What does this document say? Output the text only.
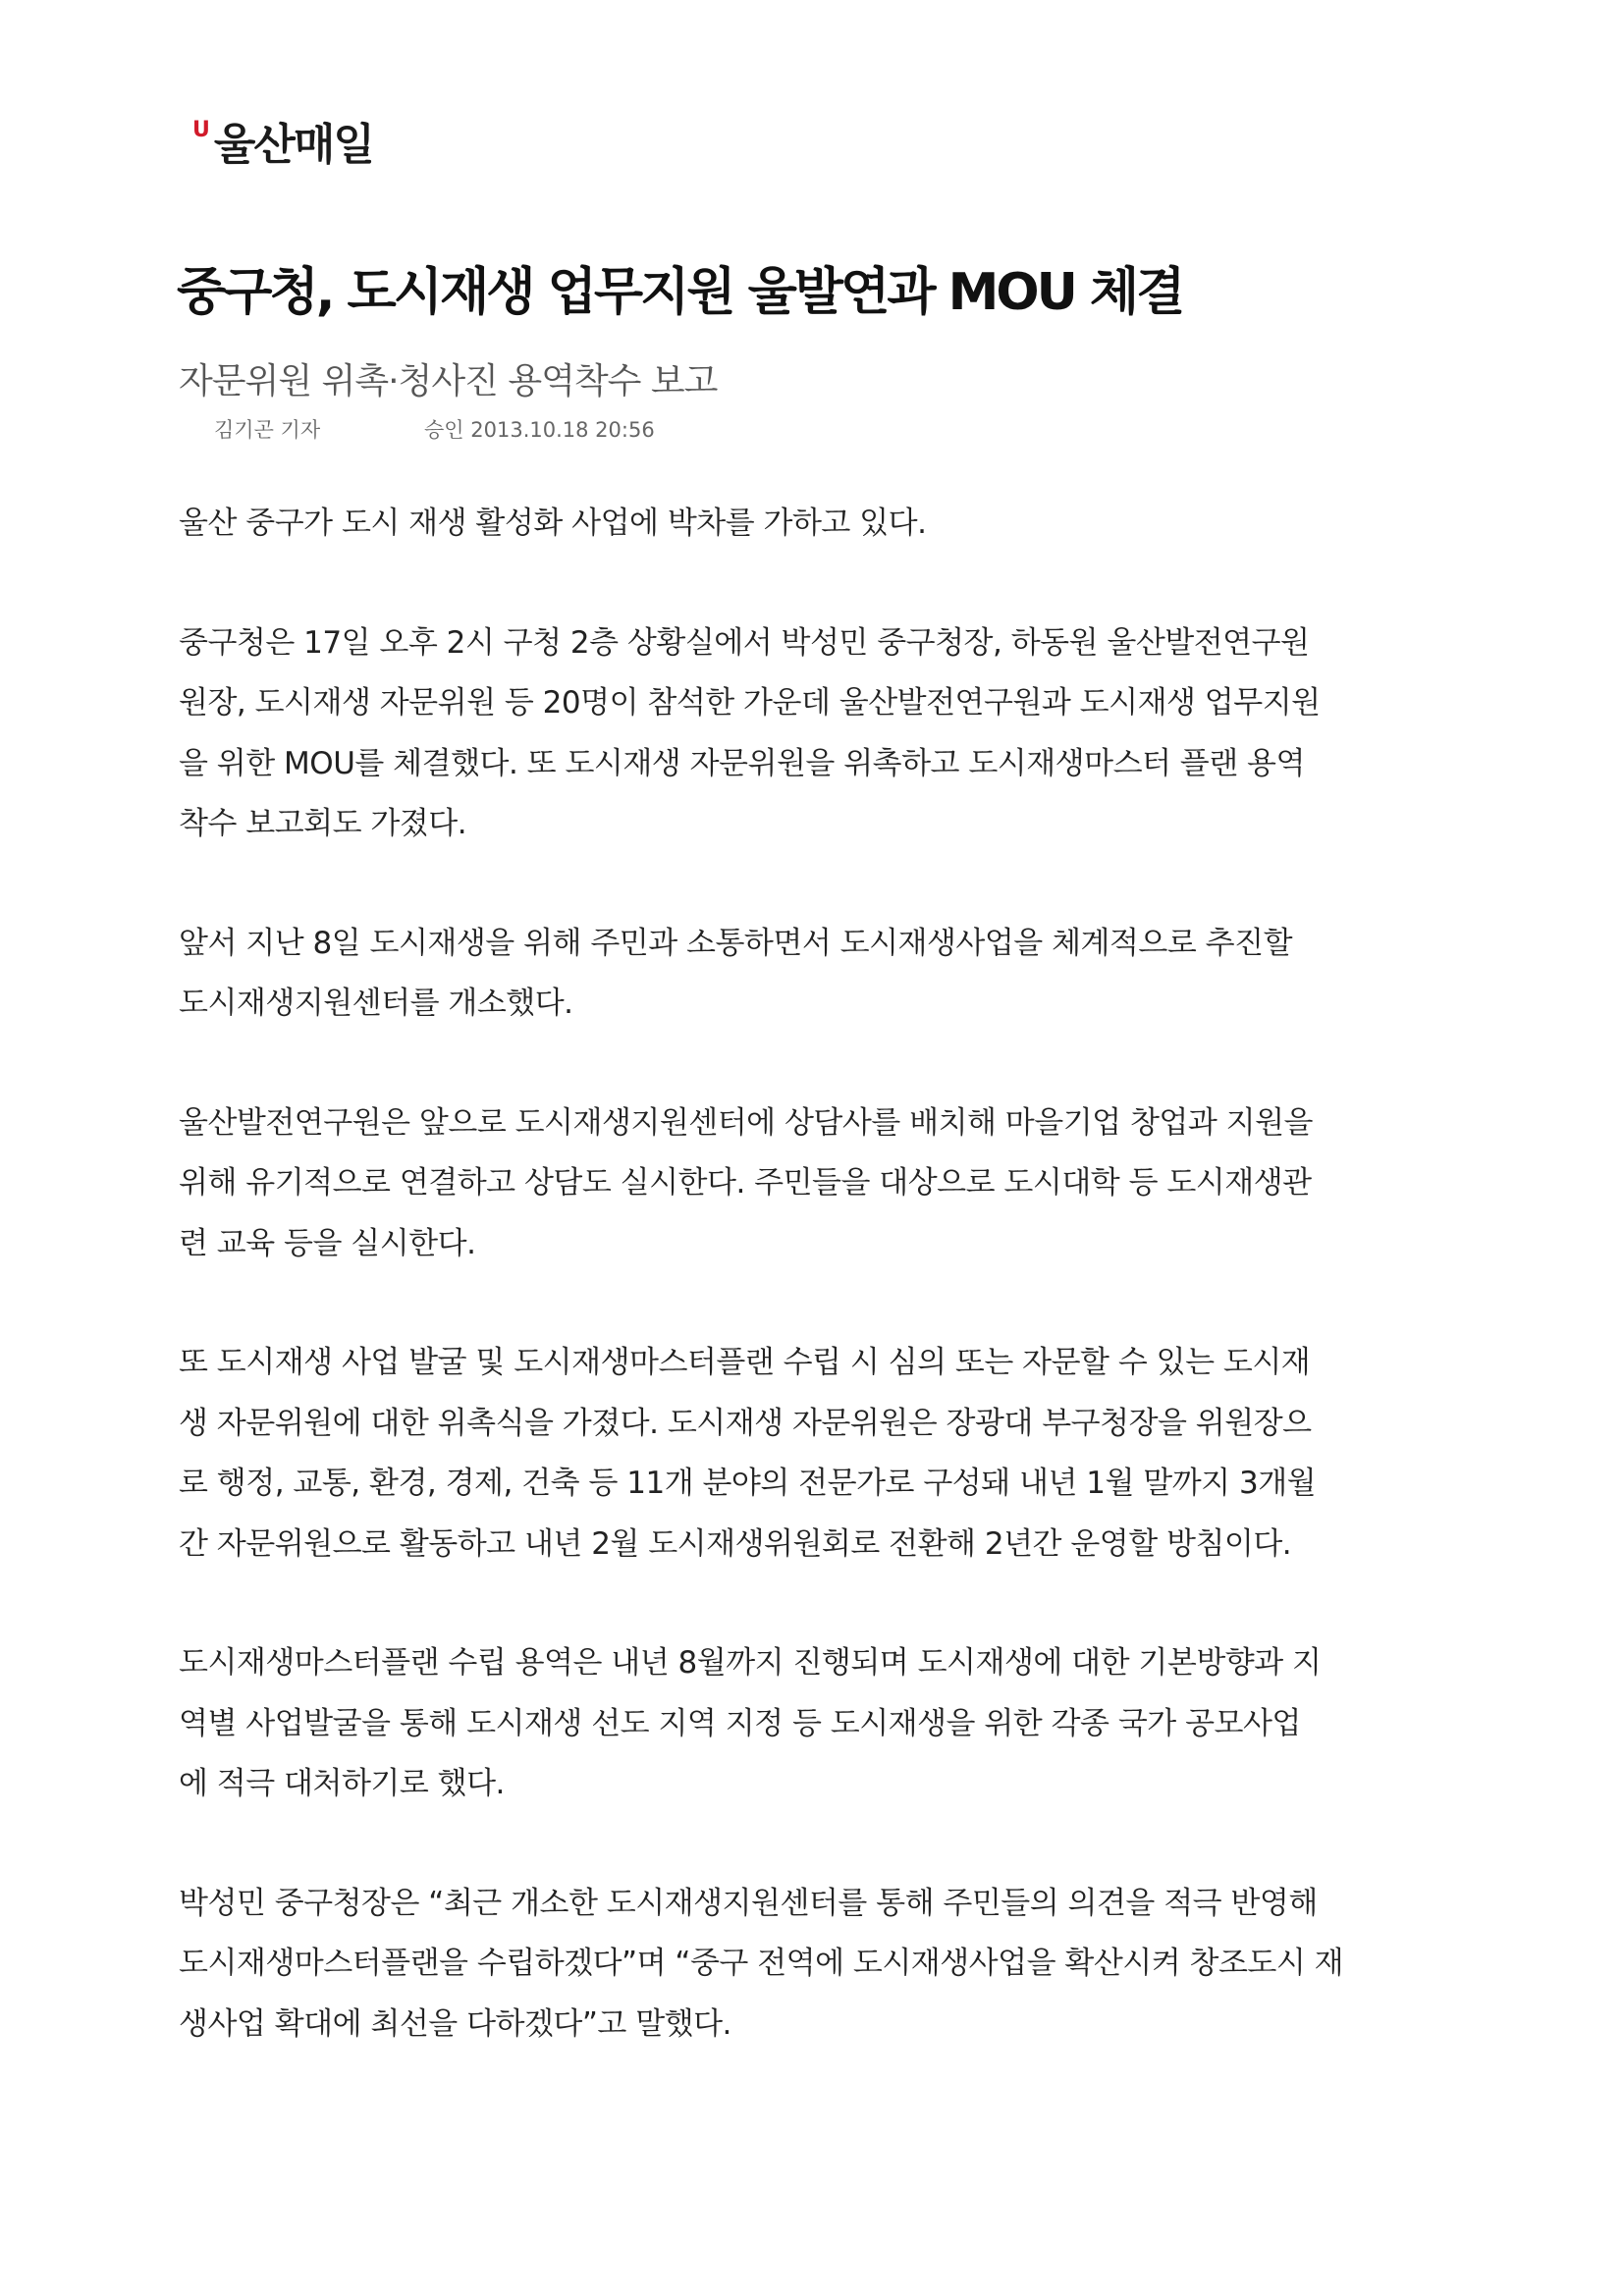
U 울산매일
중구청, 도시재생 업무지원 울발연과 MOU 체결
자문위원 위촉·청사진 용역착수 보고
김기곤 기자	승인 2013.10.18 20:56

울산 중구가 도시 재생 활성화 사업에 박차를 가하고 있다.

중구청은 17일 오후 2시 구청 2층 상황실에서 박성민 중구청장, 하동원 울산발전연구원
원장, 도시재생 자문위원 등 20명이 참석한 가운데 울산발전연구원과 도시재생 업무지원
을 위한 MOU를 체결했다. 또 도시재생 자문위원을 위촉하고 도시재생마스터 플랜 용역
착수 보고회도 가졌다.

앞서 지난 8일 도시재생을 위해 주민과 소통하면서 도시재생사업을 체계적으로 추진할
도시재생지원센터를 개소했다.

울산발전연구원은 앞으로 도시재생지원센터에 상담사를 배치해 마을기업 창업과 지원을
위해 유기적으로 연결하고 상담도 실시한다. 주민들을 대상으로 도시대학 등 도시재생관
련 교육 등을 실시한다.

또 도시재생 사업 발굴 및 도시재생마스터플랜 수립 시 심의 또는 자문할 수 있는 도시재
생 자문위원에 대한 위촉식을 가졌다. 도시재생 자문위원은 장광대 부구청장을 위원장으
로 행정, 교통, 환경, 경제, 건축 등 11개 분야의 전문가로 구성돼 내년 1월 말까지 3개월
간 자문위원으로 활동하고 내년 2월 도시재생위원회로 전환해 2년간 운영할 방침이다.

도시재생마스터플랜 수립 용역은 내년 8월까지 진행되며 도시재생에 대한 기본방향과 지
역별 사업발굴을 통해 도시재생 선도 지역 지정 등 도시재생을 위한 각종 국가 공모사업
에 적극 대처하기로 했다.

박성민 중구청장은 “최근 개소한 도시재생지원센터를 통해 주민들의 의견을 적극 반영해
도시재생마스터플랜을 수립하겠다”며 “중구 전역에 도시재생사업을 확산시켜 창조도시 재
생사업 확대에 최선을 다하겠다”고 말했다.
